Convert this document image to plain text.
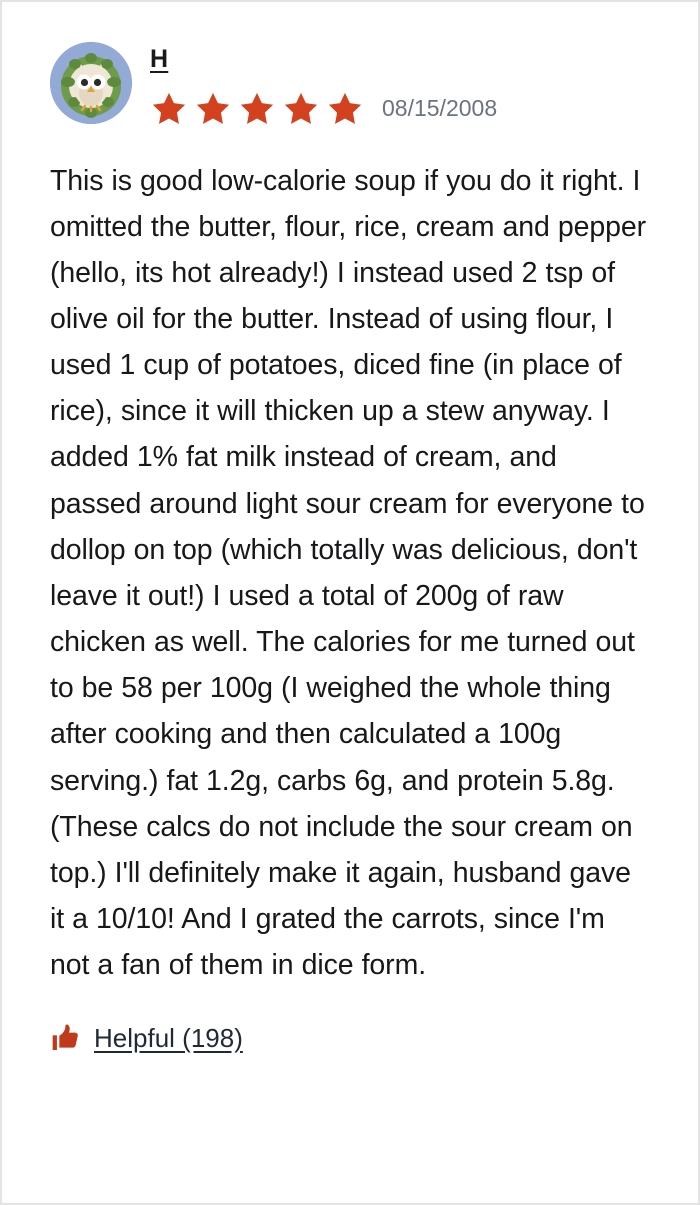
H
08/15/2008
This is good low-calorie soup if you do it right. I omitted the butter, flour, rice, cream and pepper (hello, its hot already!) I instead used 2 tsp of olive oil for the butter. Instead of using flour, I used 1 cup of potatoes, diced fine (in place of rice), since it will thicken up a stew anyway. I added 1% fat milk instead of cream, and passed around light sour cream for everyone to dollop on top (which totally was delicious, don't leave it out!) I used a total of 200g of raw chicken as well. The calories for me turned out to be 58 per 100g (I weighed the whole thing after cooking and then calculated a 100g serving.) fat 1.2g, carbs 6g, and protein 5.8g. (These calcs do not include the sour cream on top.) I'll definitely make it again, husband gave it a 10/10! And I grated the carrots, since I'm not a fan of them in dice form.
Helpful (198)
